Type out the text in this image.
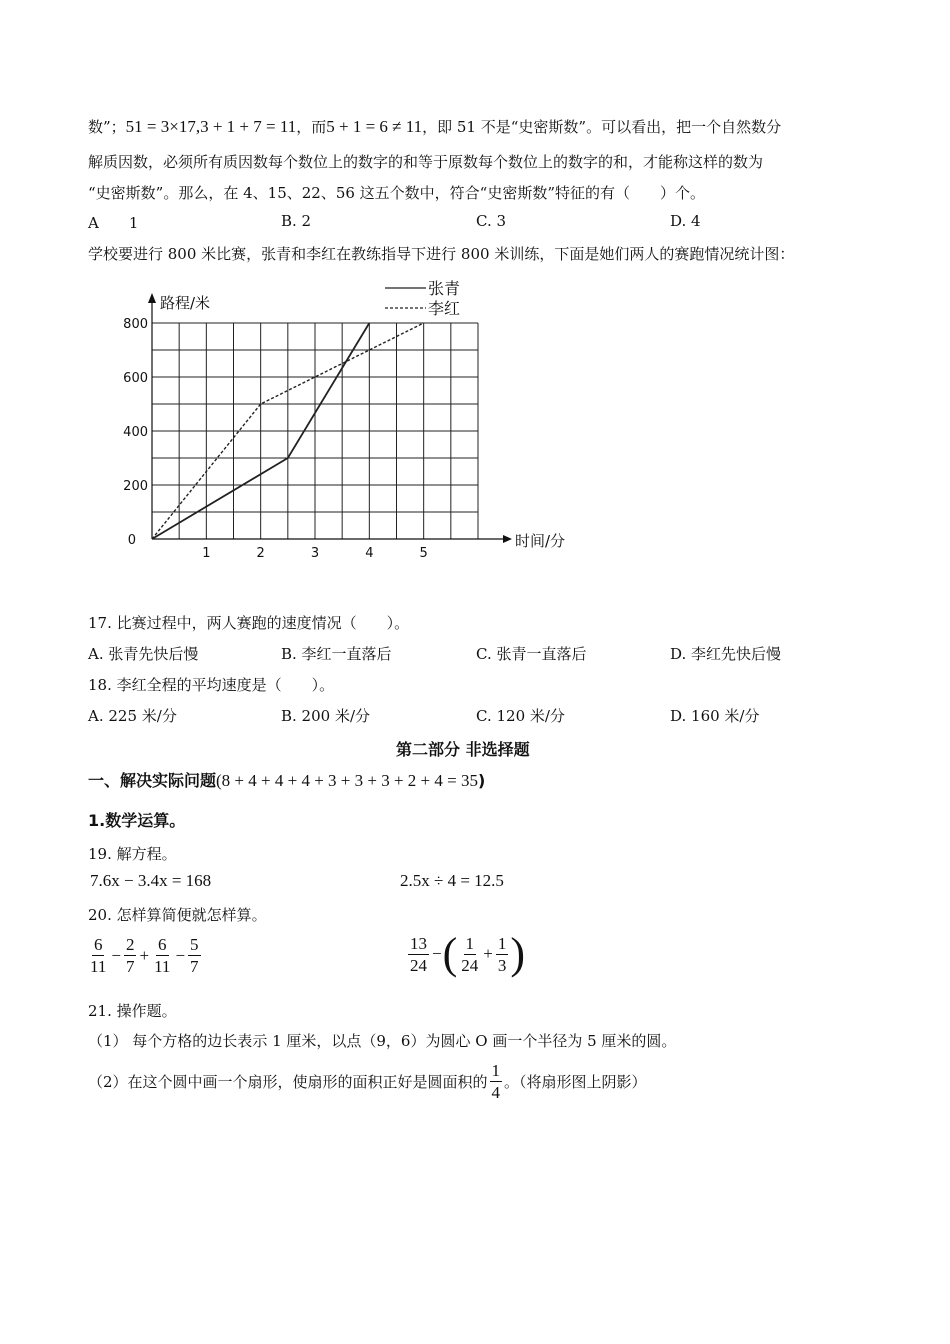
数”；51 = 3×17,3 + 1 + 7 = 11，而5 + 1 = 6 ≠ 11，即 51 不是“史密斯数”。可以看出，把一个自然数分
解质因数，必须所有质因数每个数位上的数字的和等于原数每个数位上的数字的和，才能称这样的数为
“史密斯数”。那么，在 4、15、22、56 这五个数中，符合“史密斯数”特征的有（　　）个。
A　　1	B. 2	C. 3	D. 4
学校要进行 800 米比赛，张青和李红在教练指导下进行 800 米训练，下面是她们两人的赛跑情况统计图：
路程/米
时间/分
1	2	3	4	5
0
200
400
600
800
张青
李红
17. 比赛过程中，两人赛跑的速度情况（　　）。
A. 张青先快后慢	B. 李红一直落后	C. 张青一直落后	D. 李红先快后慢
18. 李红全程的平均速度是（　　）。
A. 225 米/分	B. 200 米/分	C. 120 米/分	D. 160 米/分
第二部分 非选择题
一、解决实际问题(8 + 4 + 4 + 4 + 3 + 3 + 3 + 2 + 4 = 35)
1.数学运算。
19. 解方程。
7.6x − 3.4x = 168	2.5x ÷ 4 = 12.5
20. 怎样算简便就怎样算。
$\frac{6}{11} - \frac{2}{7} + \frac{6}{11} - \frac{5}{7}$	$\frac{13}{24}$ −( $\frac{1}{24} + \frac{1}{3}$ )
21. 操作题。
（1） 每个方格的边长表示 1 厘米，以点（9，6）为圆心 O 画一个半径为 5 厘米的圆。
（2）在这个圆中画一个扇形，使扇形的面积正好是圆面积的 $\frac{1}{4}$ 。（将扇形图上阴影）
